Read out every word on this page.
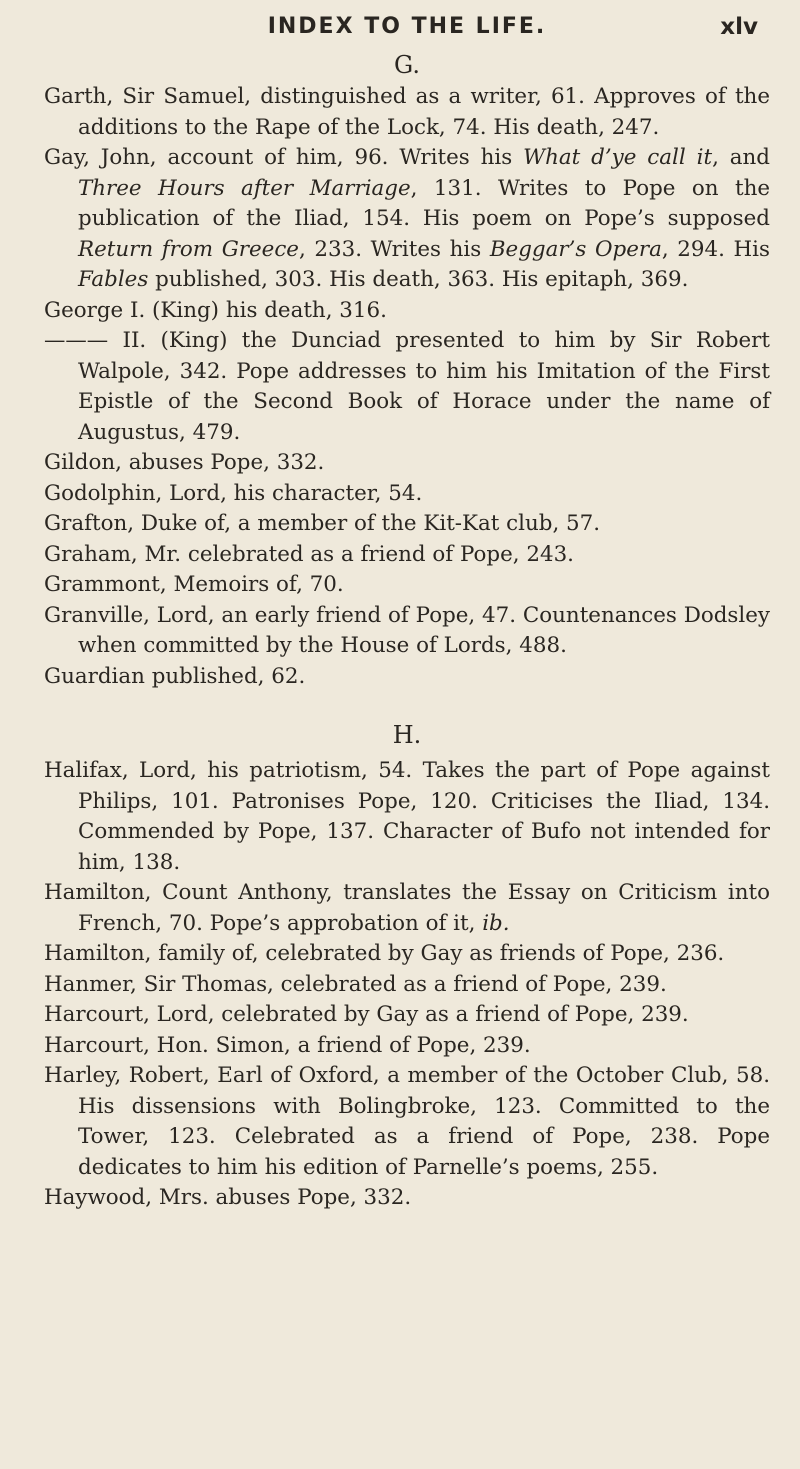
INDEX TO THE LIFE.	xlv
G.
Garth, Sir Samuel, distinguished as a writer, 61. Approves of the additions to the Rape of the Lock, 74. His death, 247.
Gay, John, account of him, 96. Writes his What d’ye call it, and Three Hours after Marriage, 131. Writes to Pope on the publication of the Iliad, 154. His poem on Pope’s supposed Return from Greece, 233. Writes his Beggar’s Opera, 294. His Fables published, 303. His death, 363. His epitaph, 369.
George I. (King) his death, 316.
——— II. (King) the Dunciad presented to him by Sir Robert Walpole, 342. Pope addresses to him his Imitation of the First Epistle of the Second Book of Horace under the name of Augustus, 479.
Gildon, abuses Pope, 332.
Godolphin, Lord, his character, 54.
Grafton, Duke of, a member of the Kit-Kat club, 57.
Graham, Mr. celebrated as a friend of Pope, 243.
Grammont, Memoirs of, 70.
Granville, Lord, an early friend of Pope, 47. Countenances Dodsley when committed by the House of Lords, 488.
Guardian published, 62.
H.
Halifax, Lord, his patriotism, 54. Takes the part of Pope against Philips, 101. Patronises Pope, 120. Criticises the Iliad, 134. Commended by Pope, 137. Character of Bufo not intended for him, 138.
Hamilton, Count Anthony, translates the Essay on Criticism into French, 70. Pope’s approbation of it, ib.
Hamilton, family of, celebrated by Gay as friends of Pope, 236.
Hanmer, Sir Thomas, celebrated as a friend of Pope, 239.
Harcourt, Lord, celebrated by Gay as a friend of Pope, 239.
Harcourt, Hon. Simon, a friend of Pope, 239.
Harley, Robert, Earl of Oxford, a member of the October Club, 58. His dissensions with Bolingbroke, 123. Committed to the Tower, 123. Celebrated as a friend of Pope, 238. Pope dedicates to him his edition of Parnelle’s poems, 255.
Haywood, Mrs. abuses Pope, 332.
